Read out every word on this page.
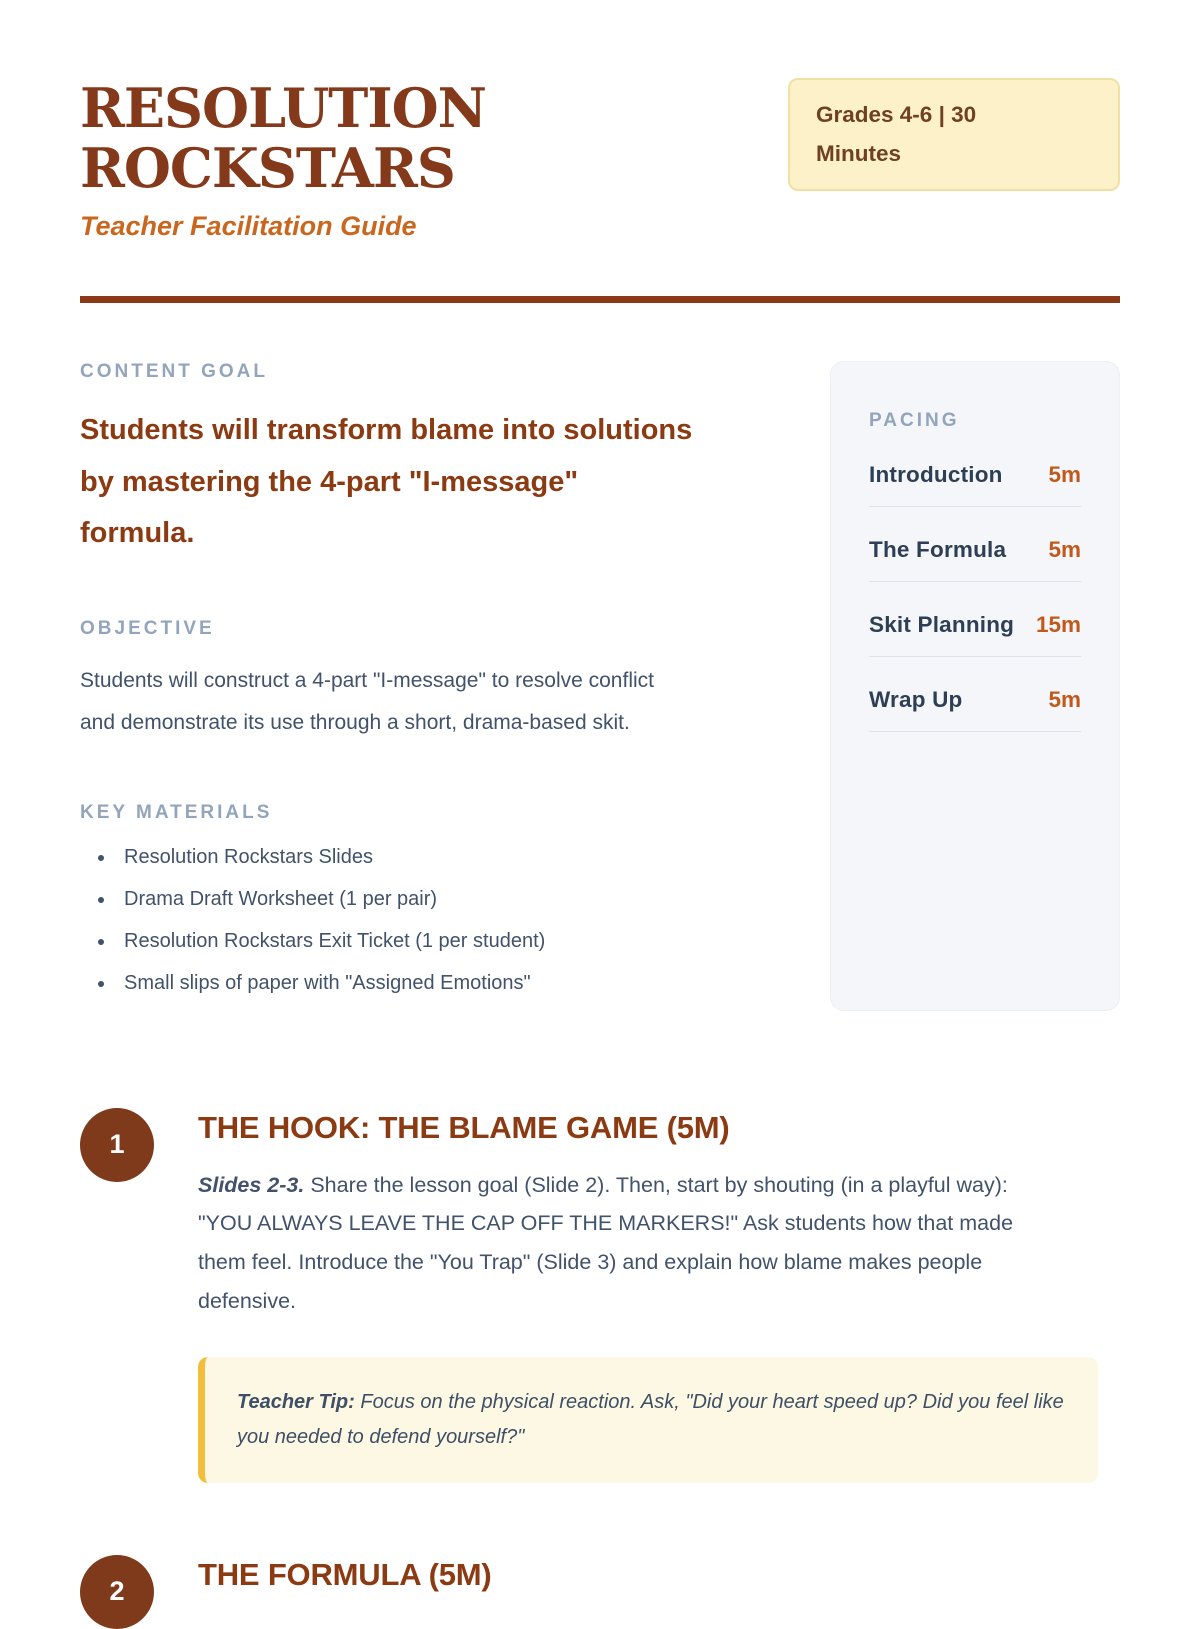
RESOLUTION ROCKSTARS
Teacher Facilitation Guide
Grades 4-6 | 30 Minutes
CONTENT GOAL

Students will transform blame into solutions by mastering the 4-part "I-message" formula.

OBJECTIVE

Students will construct a 4-part "I-message" to resolve conflict and demonstrate its use through a short, drama-based skit.

KEY MATERIALS
• Resolution Rockstars Slides
• Drama Draft Worksheet (1 per pair)
• Resolution Rockstars Exit Ticket (1 per student)
• Small slips of paper with "Assigned Emotions"
PACING
Introduction 5m
The Formula 5m
Skit Planning 15m
Wrap Up	5m
1	THE HOOK: THE BLAME GAME (5M)

Slides 2-3. Share the lesson goal (Slide 2). Then, start by shouting (in a playful way): "YOU ALWAYS LEAVE THE CAP OFF THE MARKERS!" Ask students how that made them feel. Introduce the "You Trap" (Slide 3) and explain how blame makes people defensive.

Teacher Tip: Focus on the physical reaction. Ask, "Did your heart speed up? Did you feel like you needed to defend yourself?"
2	THE FORMULA (5M)
